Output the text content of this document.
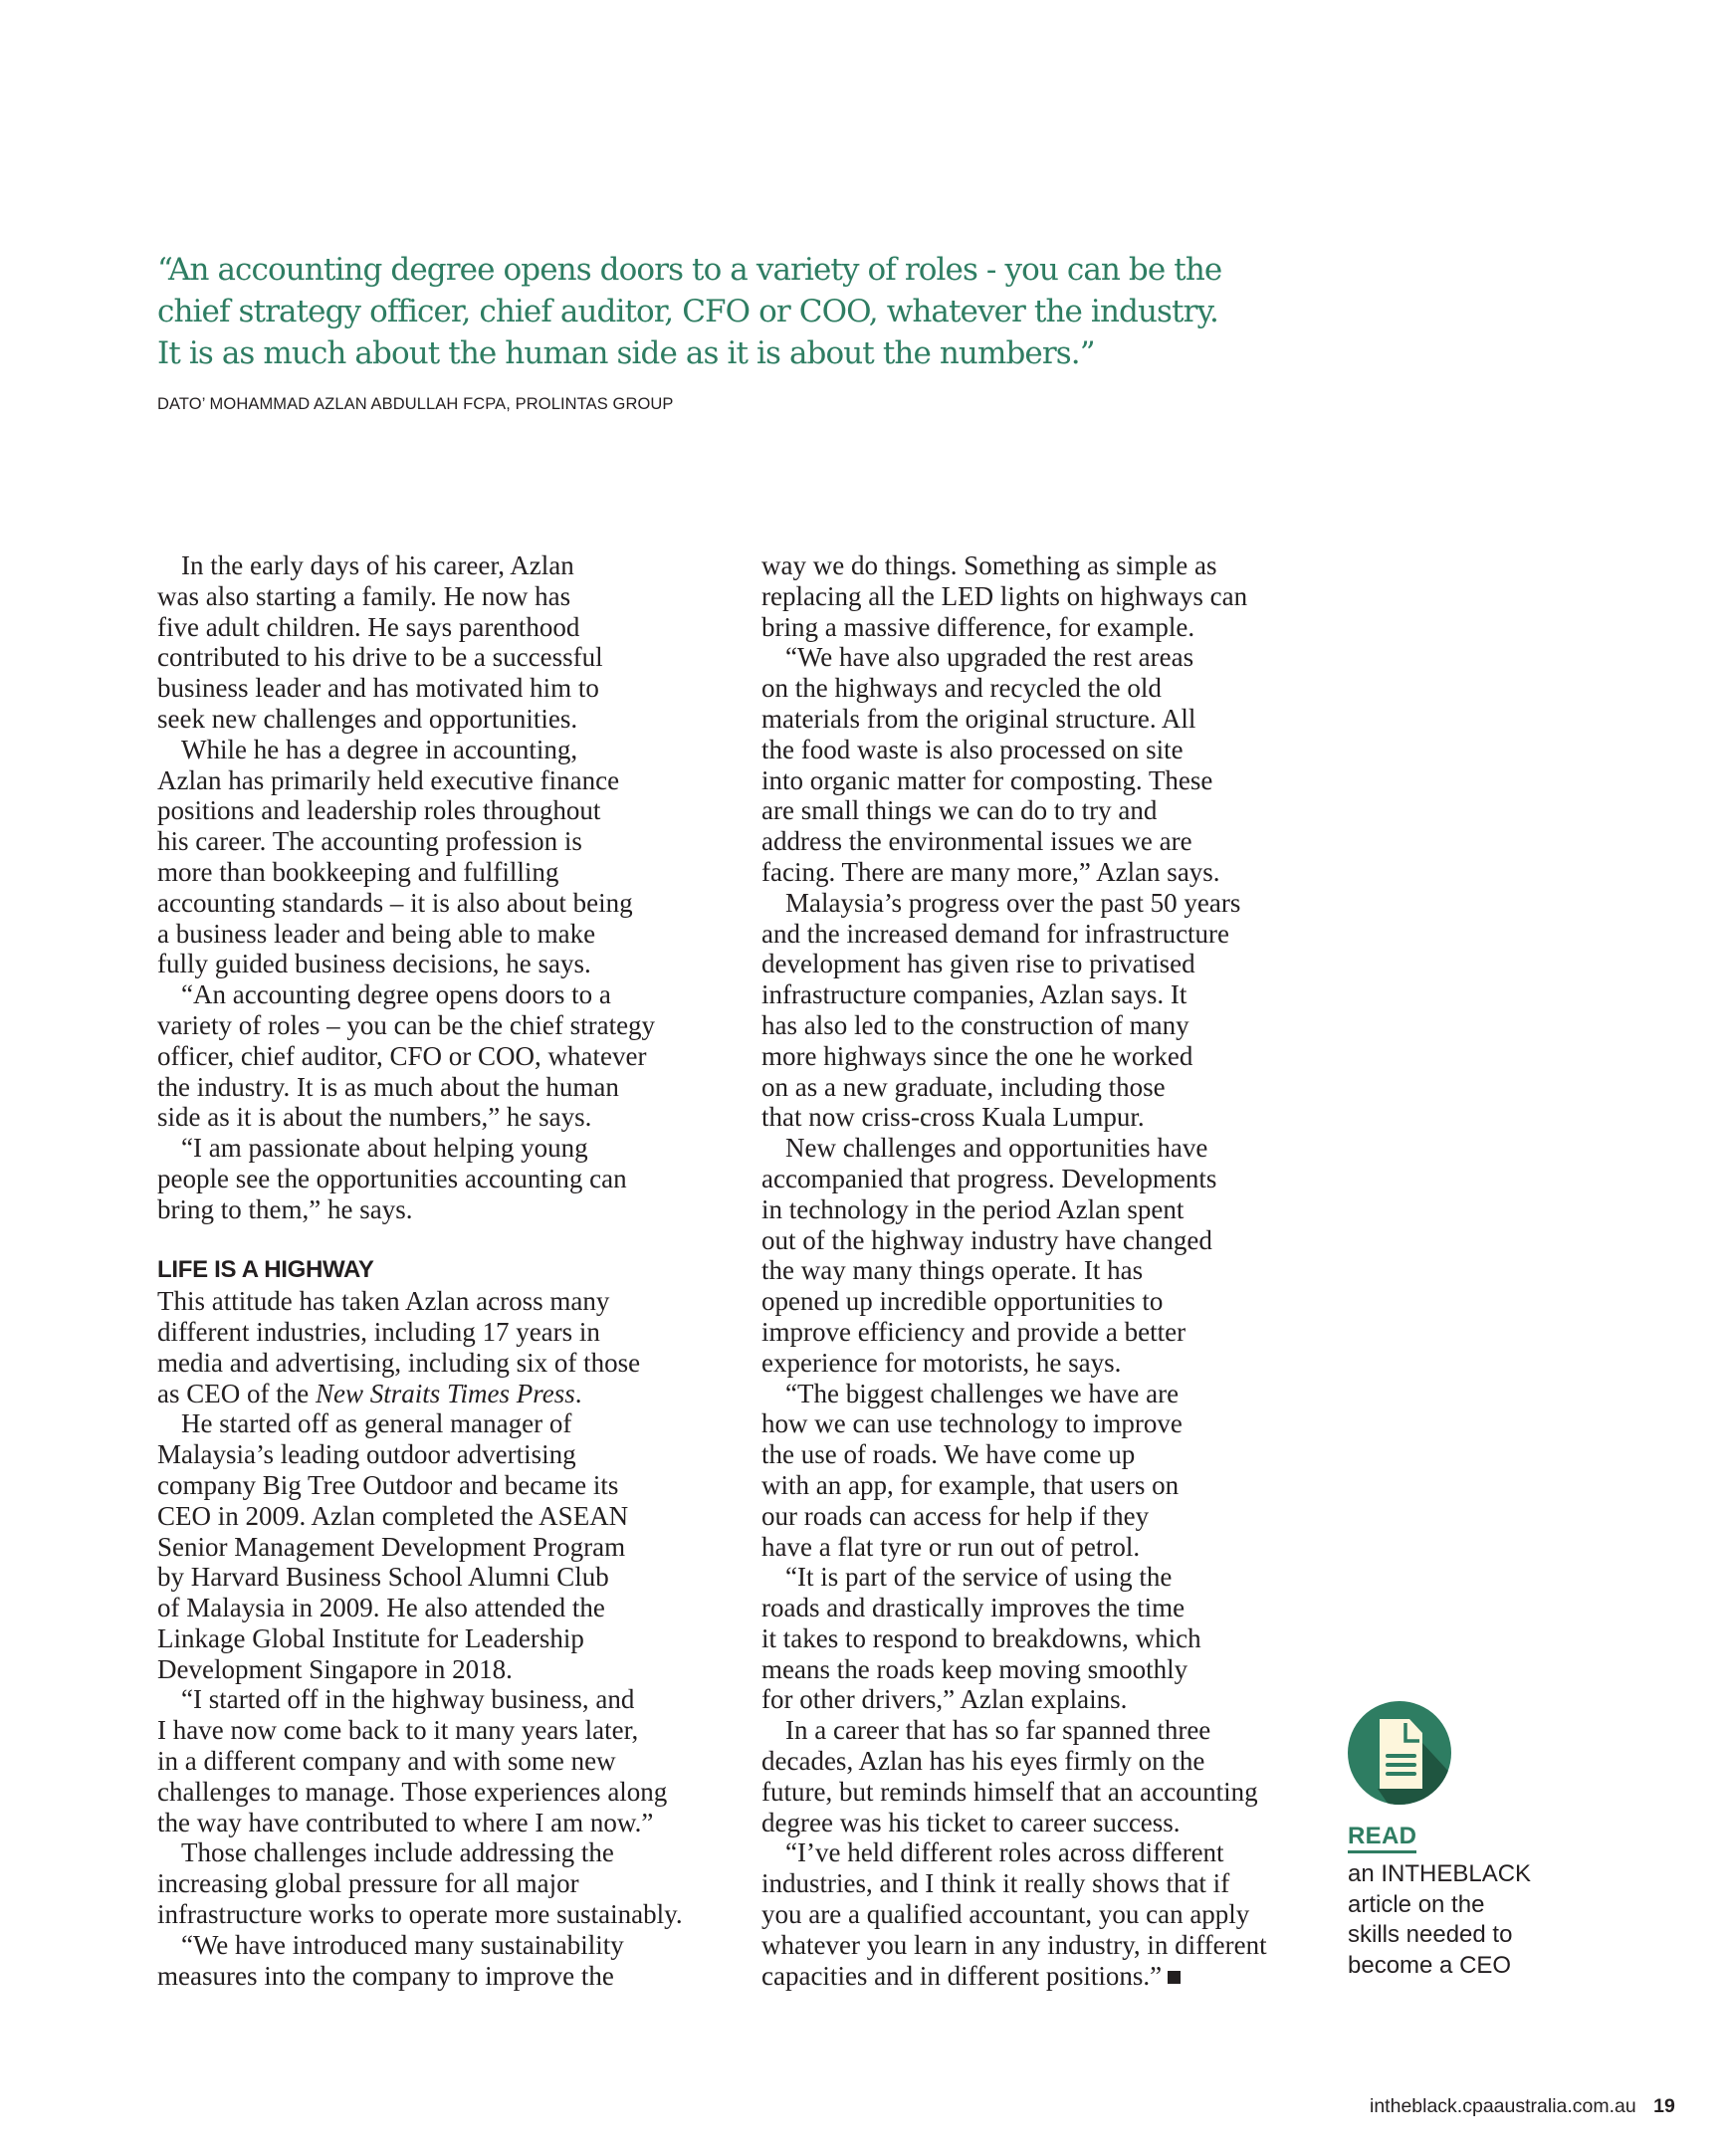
“An accounting degree opens doors to a variety of roles - you can be the
chief strategy officer, chief auditor, CFO or COO, whatever the industry.
It is as much about the human side as it is about the numbers.”
DATO’ MOHAMMAD AZLAN ABDULLAH FCPA, PROLINTAS GROUP
In the early days of his career, Azlan
was also starting a family. He now has
five adult children. He says parenthood
contributed to his drive to be a successful
business leader and has motivated him to
seek new challenges and opportunities.
While he has a degree in accounting,
Azlan has primarily held executive finance
positions and leadership roles throughout
his career. The accounting profession is
more than bookkeeping and fulfilling
accounting standards – it is also about being
a business leader and being able to make
fully guided business decisions, he says.
“An accounting degree opens doors to a
variety of roles – you can be the chief strategy
officer, chief auditor, CFO or COO, whatever
the industry. It is as much about the human
side as it is about the numbers,” he says.
“I am passionate about helping young
people see the opportunities accounting can
bring to them,” he says.

LIFE IS A HIGHWAY
This attitude has taken Azlan across many
different industries, including 17 years in
media and advertising, including six of those
as CEO of the New Straits Times Press.
He started off as general manager of
Malaysia’s leading outdoor advertising
company Big Tree Outdoor and became its
CEO in 2009. Azlan completed the ASEAN
Senior Management Development Program
by Harvard Business School Alumni Club
of Malaysia in 2009. He also attended the
Linkage Global Institute for Leadership
Development Singapore in 2018.
“I started off in the highway business, and
I have now come back to it many years later,
in a different company and with some new
challenges to manage. Those experiences along
the way have contributed to where I am now.”
Those challenges include addressing the
increasing global pressure for all major
infrastructure works to operate more sustainably.
“We have introduced many sustainability
measures into the company to improve the
way we do things. Something as simple as
replacing all the LED lights on highways can
bring a massive difference, for example.
“We have also upgraded the rest areas
on the highways and recycled the old
materials from the original structure. All
the food waste is also processed on site
into organic matter for composting. These
are small things we can do to try and
address the environmental issues we are
facing. There are many more,” Azlan says.
Malaysia’s progress over the past 50 years
and the increased demand for infrastructure
development has given rise to privatised
infrastructure companies, Azlan says. It
has also led to the construction of many
more highways since the one he worked
on as a new graduate, including those
that now criss-cross Kuala Lumpur.
New challenges and opportunities have
accompanied that progress. Developments
in technology in the period Azlan spent
out of the highway industry have changed
the way many things operate. It has
opened up incredible opportunities to
improve efficiency and provide a better
experience for motorists, he says.
“The biggest challenges we have are
how we can use technology to improve
the use of roads. We have come up
with an app, for example, that users on
our roads can access for help if they
have a flat tyre or run out of petrol.
“It is part of the service of using the
roads and drastically improves the time
it takes to respond to breakdowns, which
means the roads keep moving smoothly
for other drivers,” Azlan explains.
In a career that has so far spanned three
decades, Azlan has his eyes firmly on the
future, but reminds himself that an accounting
degree was his ticket to career success.
“I’ve held different roles across different
industries, and I think it really shows that if
you are a qualified accountant, you can apply
whatever you learn in any industry, in different
capacities and in different positions.”
READ
an INTHEBLACK
article on the
skills needed to
become a CEO
intheblack.cpaaustralia.com.au 19
